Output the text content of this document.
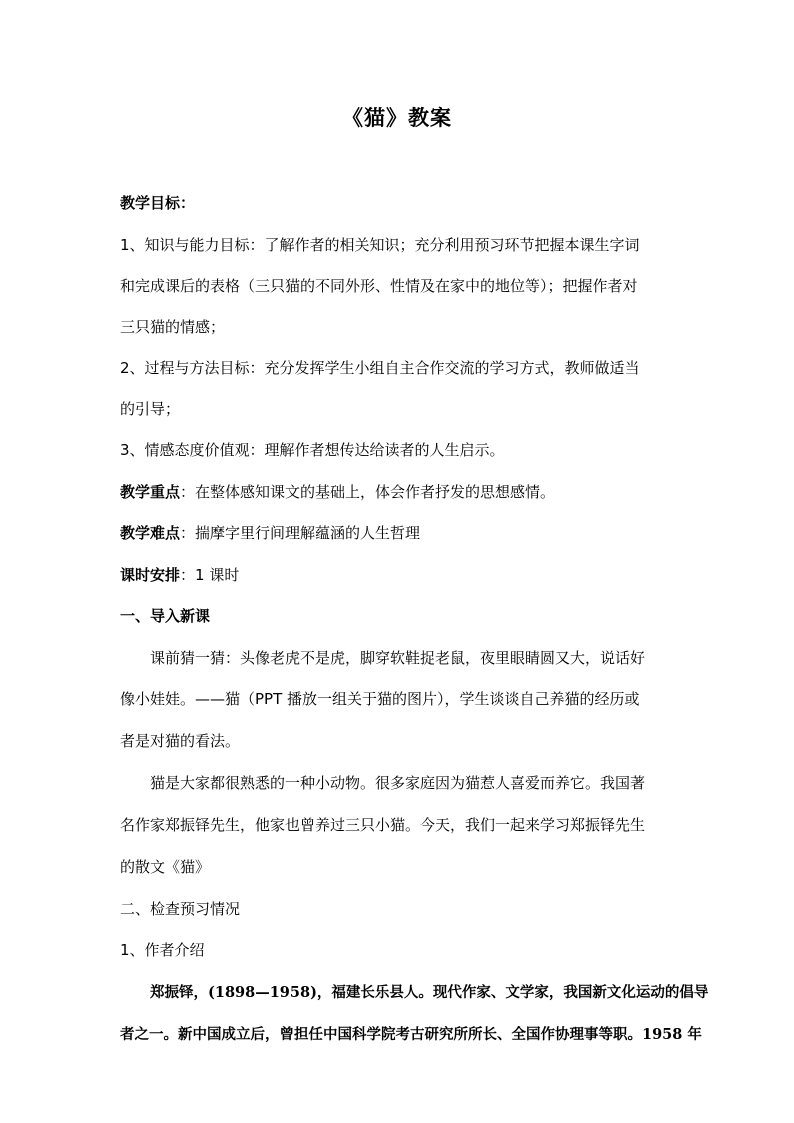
《猫》教案
教学目标：
1、知识与能力目标：了解作者的相关知识；充分利用预习环节把握本课生字词
和完成课后的表格（三只猫的不同外形、性情及在家中的地位等）；把握作者对
三只猫的情感；
2、过程与方法目标：充分发挥学生小组自主合作交流的学习方式，教师做适当
的引导；
3、情感态度价值观：理解作者想传达给读者的人生启示。
教学重点：在整体感知课文的基础上，体会作者抒发的思想感情。
教学难点：揣摩字里行间理解蕴涵的人生哲理
课时安排：1 课时
一、导入新课
课前猜一猜：头像老虎不是虎，脚穿软鞋捉老鼠，夜里眼睛圆又大，说话好
像小娃娃。——猫（PPT 播放一组关于猫的图片），学生谈谈自己养猫的经历或
者是对猫的看法。
猫是大家都很熟悉的一种小动物。很多家庭因为猫惹人喜爱而养它。我国著
名作家郑振铎先生，他家也曾养过三只小猫。今天，我们一起来学习郑振铎先生
的散文《猫》
二、检查预习情况
1、作者介绍
郑振铎，(1898—1958)，福建长乐县人。现代作家、文学家，我国新文化运动的倡导
者之一。新中国成立后，曾担任中国科学院考古研究所所长、全国作协理事等职。1958 年
